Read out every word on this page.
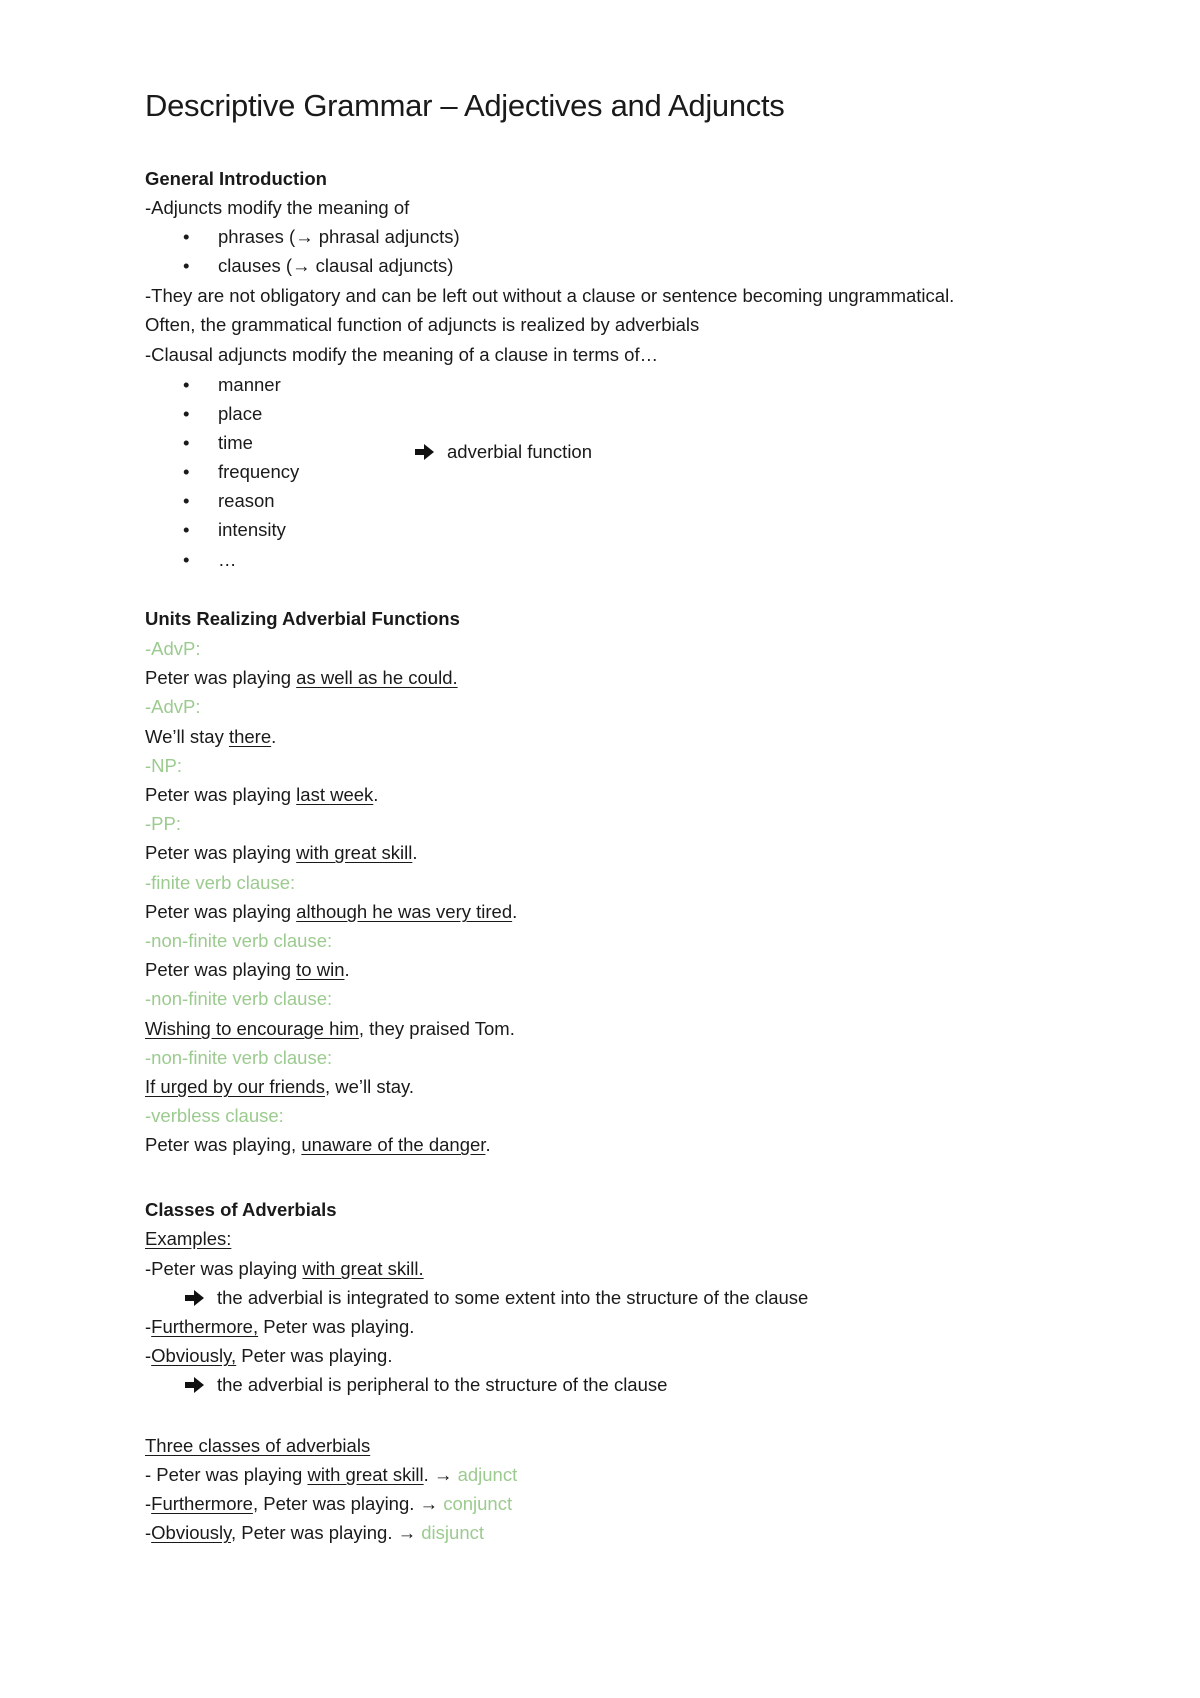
Descriptive Grammar – Adjectives and Adjuncts
General Introduction
-Adjuncts modify the meaning of
• phrases (→ phrasal adjuncts)
• clauses (→ clausal adjuncts)
-They are not obligatory and can be left out without a clause or sentence becoming ungrammatical.
Often, the grammatical function of adjuncts is realized by adverbials
-Clausal adjuncts modify the meaning of a clause in terms of…
• manner
• place
• time
• frequency
• reason
• intensity
• …
adverbial function
Units Realizing Adverbial Functions
-AdvP:
Peter was playing as well as he could.
-AdvP:
We’ll stay there.
-NP:
Peter was playing last week.
-PP:
Peter was playing with great skill.
-finite verb clause:
Peter was playing although he was very tired.
-non-finite verb clause:
Peter was playing to win.
-non-finite verb clause:
Wishing to encourage him, they praised Tom.
-non-finite verb clause:
If urged by our friends, we’ll stay.
-verbless clause:
Peter was playing, unaware of the danger.
Classes of Adverbials
Examples:
-Peter was playing with great skill.
the adverbial is integrated to some extent into the structure of the clause
-Furthermore, Peter was playing.
-Obviously, Peter was playing.
the adverbial is peripheral to the structure of the clause
Three classes of adverbials
- Peter was playing with great skill. → adjunct
-Furthermore, Peter was playing. → conjunct
-Obviously, Peter was playing. → disjunct
